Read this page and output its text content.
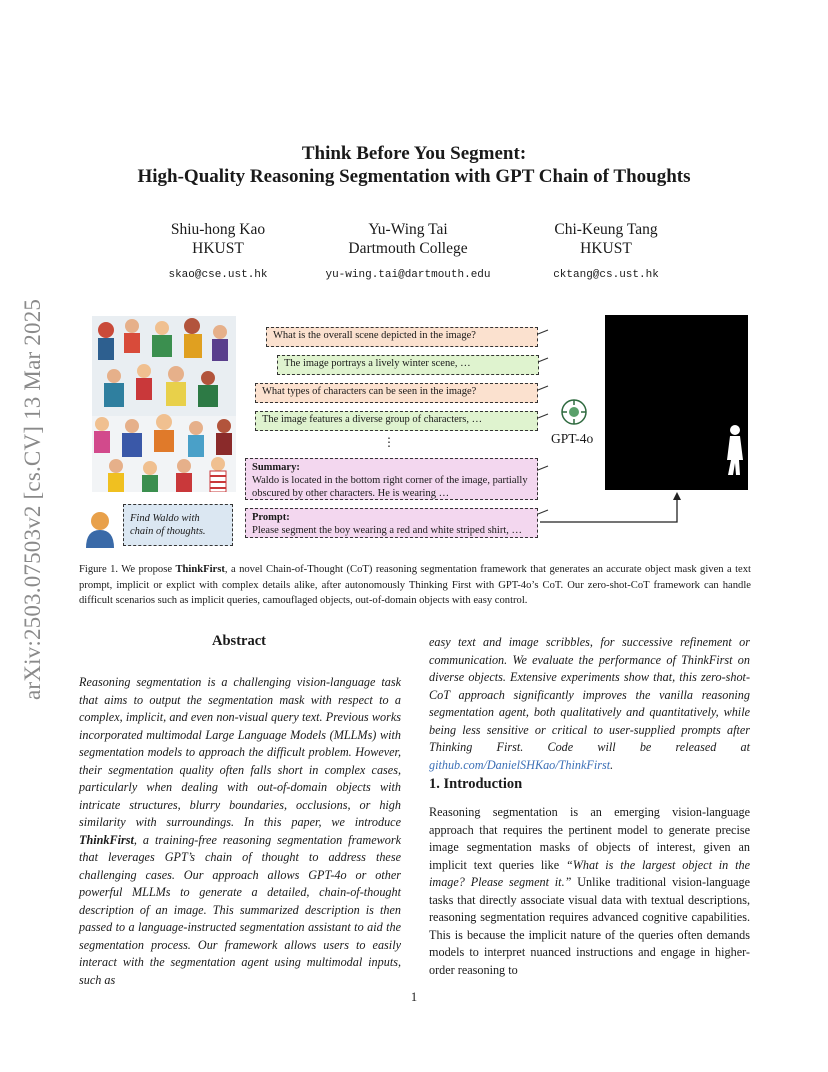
arXiv:2503.07503v2 [cs.CV] 13 Mar 2025
Think Before You Segment:
High-Quality Reasoning Segmentation with GPT Chain of Thoughts
Shiu-hong Kao
HKUST
skao@cse.ust.hk
Yu-Wing Tai
Dartmouth College
yu-wing.tai@dartmouth.edu
Chi-Keung Tang
HKUST
cktang@cs.ust.hk
What is the overall scene depicted in the image?
The image portrays a lively winter scene, …
What types of characters can be seen in the image?
The image features a diverse group of characters, …
⋮
Summary:
Waldo is located in the bottom right corner of the image, partially
obscured by other characters. He is wearing …
Prompt:
Please segment the boy wearing a red and white striped shirt, …
Find Waldo with
chain of thoughts.
GPT-4o
Figure 1. We propose ThinkFirst, a novel Chain-of-Thought (CoT) reasoning segmentation framework that generates an accurate object mask given a text prompt, implicit or explict with complex details alike, after autonomously Thinking First with GPT-4o’s CoT. Our zero-shot-CoT framework can handle difficult scenarios such as implicit queries, camouflaged objects, out-of-domain objects with easy control.
Abstract
Reasoning segmentation is a challenging vision-language task that aims to output the segmentation mask with respect to a complex, implicit, and even non-visual query text. Previous works incorporated multimodal Large Language Models (MLLMs) with segmentation models to approach the difficult problem. However, their segmentation quality often falls short in complex cases, particularly when dealing with out-of-domain objects with intricate structures, blurry boundaries, occlusions, or high similarity with surroundings. In this paper, we introduce ThinkFirst, a training-free reasoning segmentation framework that leverages GPT’s chain of thought to address these challenging cases. Our approach allows GPT-4o or other powerful MLLMs to generate a detailed, chain-of-thought description of an image. This summarized description is then passed to a language-instructed segmentation assistant to aid the segmentation process. Our framework allows users to easily interact with the segmentation agent using multimodal inputs, such as
easy text and image scribbles, for successive refinement or communication. We evaluate the performance of ThinkFirst on diverse objects. Extensive experiments show that, this zero-shot-CoT approach significantly improves the vanilla reasoning segmentation agent, both qualitatively and quantitatively, while being less sensitive or critical to user-supplied prompts after Thinking First. Code will be released at github.com/DanielSHKao/ThinkFirst.
1. Introduction
Reasoning segmentation is an emerging vision-language approach that requires the pertinent model to generate precise image segmentation masks of objects of interest, given an implicit text queries like “What is the largest object in the image? Please segment it.” Unlike traditional vision-language tasks that directly associate visual data with textual descriptions, reasoning segmentation requires advanced cognitive capabilities. This is because the implicit nature of the queries often demands models to interpret nuanced instructions and engage in higher-order reasoning to
1
